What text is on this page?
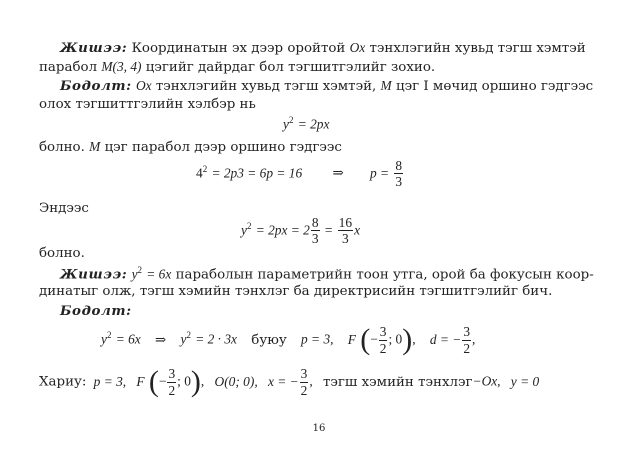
Жишээ: Координатын эх дээр оройтой Ox тэнхлэгийн хувьд тэгш хэмтэй
парабол M(3, 4) цэгийг дайрдаг бол тэгшитгэлийг зохио.
Бодолт: Ox тэнхлэгийн хувьд тэгш хэмтэй, M цэг I мөчид оршино гэдгээс
олох тэгшиттгэлийн хэлбэр нь
$y^2 = 2px$
болно. M цэг парабол дээр оршино гэдгээс
$4^2 = 2p3 = 6p = 16$ ⇒ $p = \frac{8}{3}$
Эндээс
$y^2 = 2px = 2 \frac{8}{3} = \frac{16}{3}$ x
болно.
Жишээ: $y^2 = 6x$ параболын параметрийн тоон утга, орой ба фокусын коор-
динатыг олж, тэгш хэмийн тэнхлэг ба директрисийн тэгшитгэлийг бич.
Бодолт:
$y^2 = 6x$ ⇒ $y^2 = 2 \cdot 3x$ буюу p = 3, F (− $\frac{3}{2}$ ; 0), d = − $\frac{3}{2}$ ,
Хариу: p = 3, F (− $\frac{3}{2}$ ; 0), O(0; 0), x = − $\frac{3}{2}$ , тэгш хэмийн тэнхлэг−Ox, y = 0
16
